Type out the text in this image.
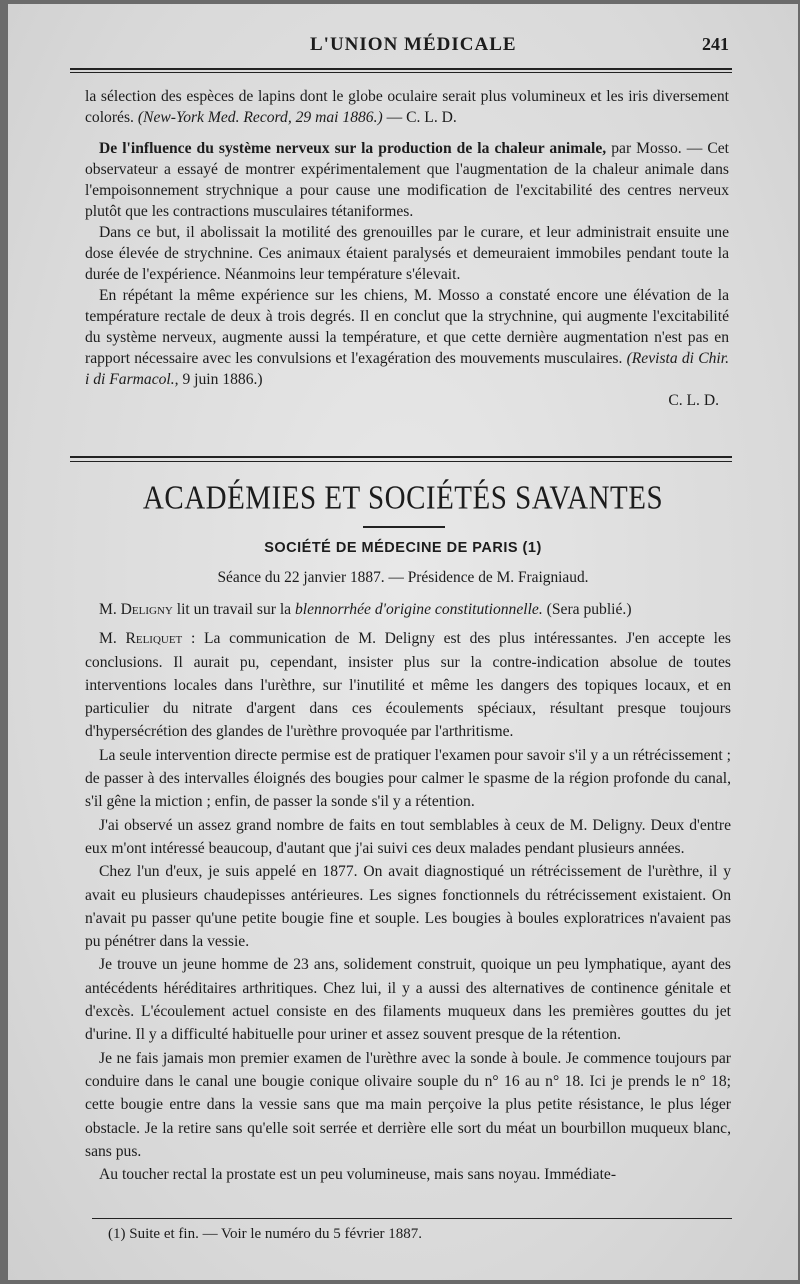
L'UNION MÉDICALE	241

la sélection des espèces de lapins dont le globe oculaire serait plus volumineux et les iris diversement colorés. (New-York Med. Record, 29 mai 1886.) — C. L. D.

De l'influence du système nerveux sur la production de la chaleur animale, par Mosso. — Cet observateur a essayé de montrer expérimentalement que l'augmentation de la chaleur animale dans l'empoisonnement strychnique a pour cause une modification de l'excitabilité des centres nerveux plutôt que les contractions musculaires tétaniformes.

Dans ce but, il abolissait la motilité des grenouilles par le curare, et leur administrait ensuite une dose élevée de strychnine. Ces animaux étaient paralysés et demeuraient immobiles pendant toute la durée de l'expérience. Néanmoins leur température s'élevait.

En répétant la même expérience sur les chiens, M. Mosso a constaté encore une élévation de la température rectale de deux à trois degrés. Il en conclut que la strychnine, qui augmente l'excitabilité du système nerveux, augmente aussi la température, et que cette dernière augmentation n'est pas en rapport nécessaire avec les convulsions et l'exagération des mouvements musculaires. (Revista di Chir. i di Farmacol., 9 juin 1886.)

C. L. D.

ACADÉMIES ET SOCIÉTÉS SAVANTES
SOCIÉTÉ DE MÉDECINE DE PARIS (1)
Séance du 22 janvier 1887. — Présidence de M. Fraigniaud.

M. Deligny lit un travail sur la blennorrhée d'origine constitutionnelle. (Sera publié.)

M. Reliquet : La communication de M. Deligny est des plus intéressantes. J'en accepte les conclusions. Il aurait pu, cependant, insister plus sur la contre-indication absolue de toutes interventions locales dans l'urèthre, sur l'inutilité et même les dangers des topiques locaux, et en particulier du nitrate d'argent dans ces écoulements spéciaux, résultant presque toujours d'hypersécrétion des glandes de l'urèthre provoquée par l'arthritisme.

La seule intervention directe permise est de pratiquer l'examen pour savoir s'il y a un rétrécissement ; de passer à des intervalles éloignés des bougies pour calmer le spasme de la région profonde du canal, s'il gêne la miction ; enfin, de passer la sonde s'il y a rétention.

J'ai observé un assez grand nombre de faits en tout semblables à ceux de M. Deligny. Deux d'entre eux m'ont intéressé beaucoup, d'autant que j'ai suivi ces deux malades pendant plusieurs années.

Chez l'un d'eux, je suis appelé en 1877. On avait diagnostiqué un rétrécissement de l'urèthre, il y avait eu plusieurs chaudepisses antérieures. Les signes fonctionnels du rétrécissement existaient. On n'avait pu passer qu'une petite bougie fine et souple. Les bougies à boules exploratrices n'avaient pas pu pénétrer dans la vessie.

Je trouve un jeune homme de 23 ans, solidement construit, quoique un peu lymphatique, ayant des antécédents héréditaires arthritiques. Chez lui, il y a aussi des alternatives de continence génitale et d'excès. L'écoulement actuel consiste en des filaments muqueux dans les premières gouttes du jet d'urine. Il y a difficulté habituelle pour uriner et assez souvent presque de la rétention.

Je ne fais jamais mon premier examen de l'urèthre avec la sonde à boule. Je commence toujours par conduire dans le canal une bougie conique olivaire souple du n° 16 au n° 18. Ici je prends le n° 18; cette bougie entre dans la vessie sans que ma main perçoive la plus petite résistance, le plus léger obstacle. Je la retire sans qu'elle soit serrée et derrière elle sort du méat un bourbillon muqueux blanc, sans pus.

Au toucher rectal la prostate est un peu volumineuse, mais sans noyau. Immédiate-

(1) Suite et fin. — Voir le numéro du 5 février 1887.
